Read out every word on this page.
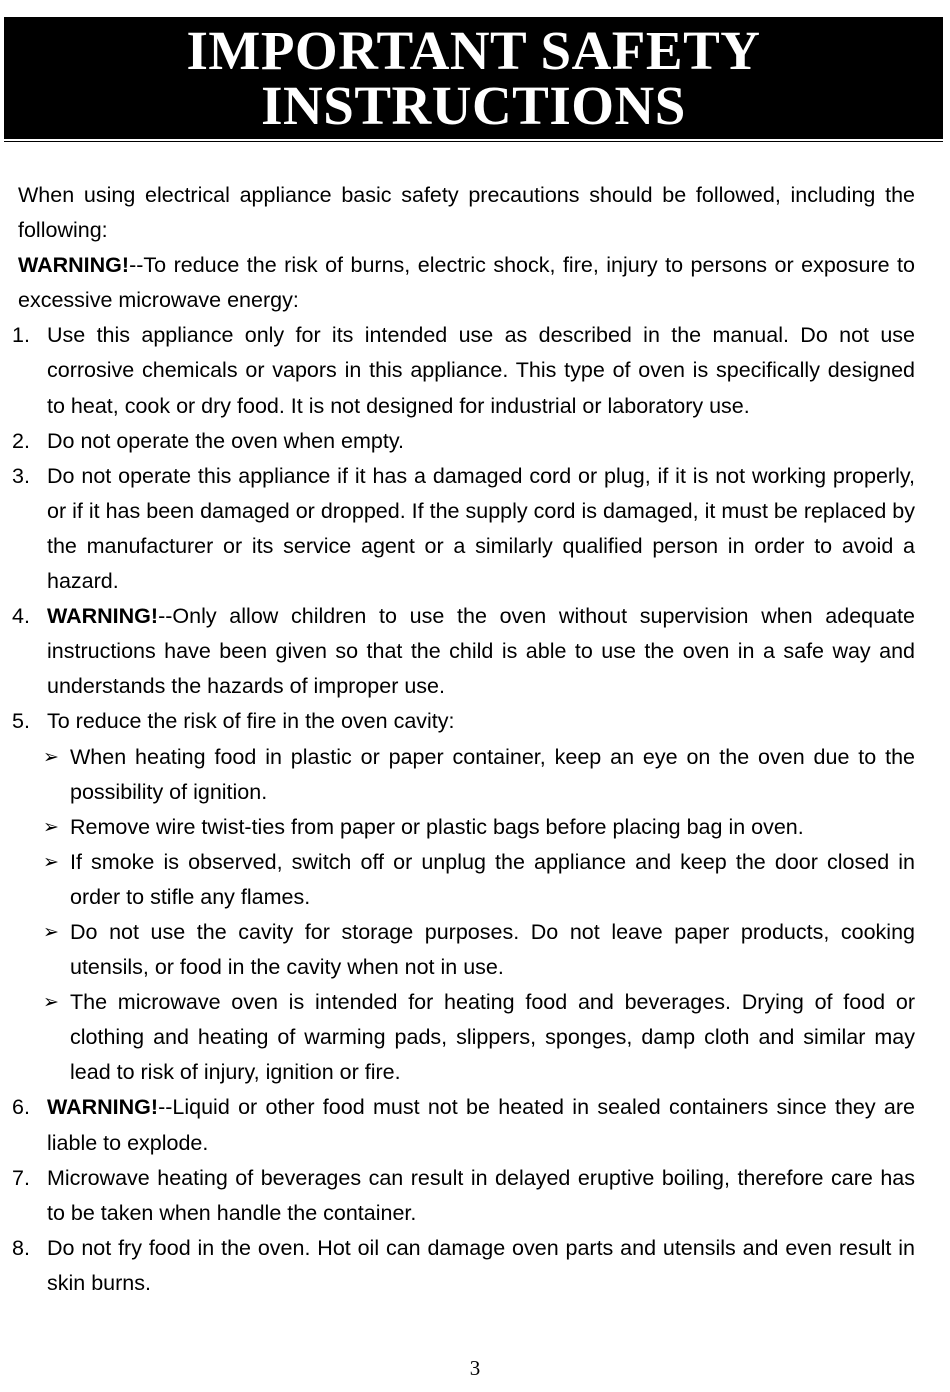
IMPORTANT SAFETY
INSTRUCTIONS

When using electrical appliance basic safety precautions should be followed, including the following:

WARNING!--To reduce the risk of burns, electric shock, fire, injury to persons or exposure to excessive microwave energy:

1. Use this appliance only for its intended use as described in the manual. Do not use corrosive chemicals or vapors in this appliance. This type of oven is specifically designed to heat, cook or dry food. It is not designed for industrial or laboratory use.
2. Do not operate the oven when empty.
3. Do not operate this appliance if it has a damaged cord or plug, if it is not working properly, or if it has been damaged or dropped. If the supply cord is damaged, it must be replaced by the manufacturer or its service agent or a similarly qualified person in order to avoid a hazard.
4. WARNING!--Only allow children to use the oven without supervision when adequate instructions have been given so that the child is able to use the oven in a safe way and understands the hazards of improper use.
5. To reduce the risk of fire in the oven cavity:
➢ When heating food in plastic or paper container, keep an eye on the oven due to the possibility of ignition.
➢ Remove wire twist-ties from paper or plastic bags before placing bag in oven.
➢ If smoke is observed, switch off or unplug the appliance and keep the door closed in order to stifle any flames.
➢ Do not use the cavity for storage purposes. Do not leave paper products, cooking utensils, or food in the cavity when not in use.
➢ The microwave oven is intended for heating food and beverages. Drying of food or clothing and heating of warming pads, slippers, sponges, damp cloth and similar may lead to risk of injury, ignition or fire.
6. WARNING!--Liquid or other food must not be heated in sealed containers since they are liable to explode.
7. Microwave heating of beverages can result in delayed eruptive boiling, therefore care has to be taken when handle the container.
8. Do not fry food in the oven. Hot oil can damage oven parts and utensils and even result in skin burns.
3
